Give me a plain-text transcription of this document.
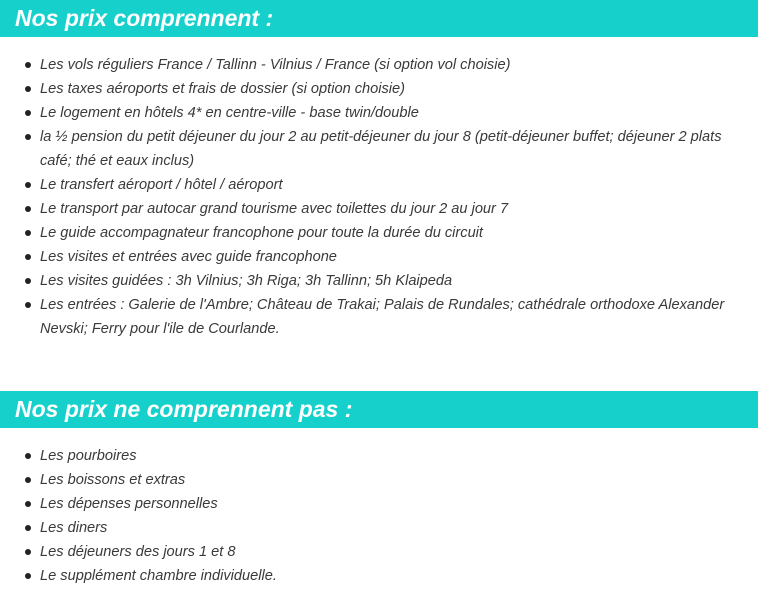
Nos prix comprennent :
Les vols réguliers France / Tallinn - Vilnius / France (si option vol choisie)
Les taxes aéroports et frais de dossier (si option choisie)
Le logement en hôtels 4* en centre-ville - base twin/double
la ½ pension du petit déjeuner du jour 2 au petit-déjeuner du jour 8 (petit-déjeuner buffet; déjeuner 2 plats café; thé et eaux inclus)
Le transfert aéroport / hôtel / aéroport
Le transport par autocar grand tourisme avec toilettes du jour 2 au jour 7
Le guide accompagnateur francophone pour toute la durée du circuit
Les visites et entrées avec guide francophone
Les visites guidées : 3h Vilnius; 3h Riga; 3h Tallinn; 5h Klaipeda
Les entrées : Galerie de l'Ambre; Château de Trakai; Palais de Rundales; cathédrale orthodoxe Alexander Nevski; Ferry pour l'ile de Courlande.
Nos prix ne comprennent pas :
Les pourboires
Les boissons et extras
Les dépenses personnelles
Les diners
Les déjeuners des jours 1 et 8
Le supplément chambre individuelle.
